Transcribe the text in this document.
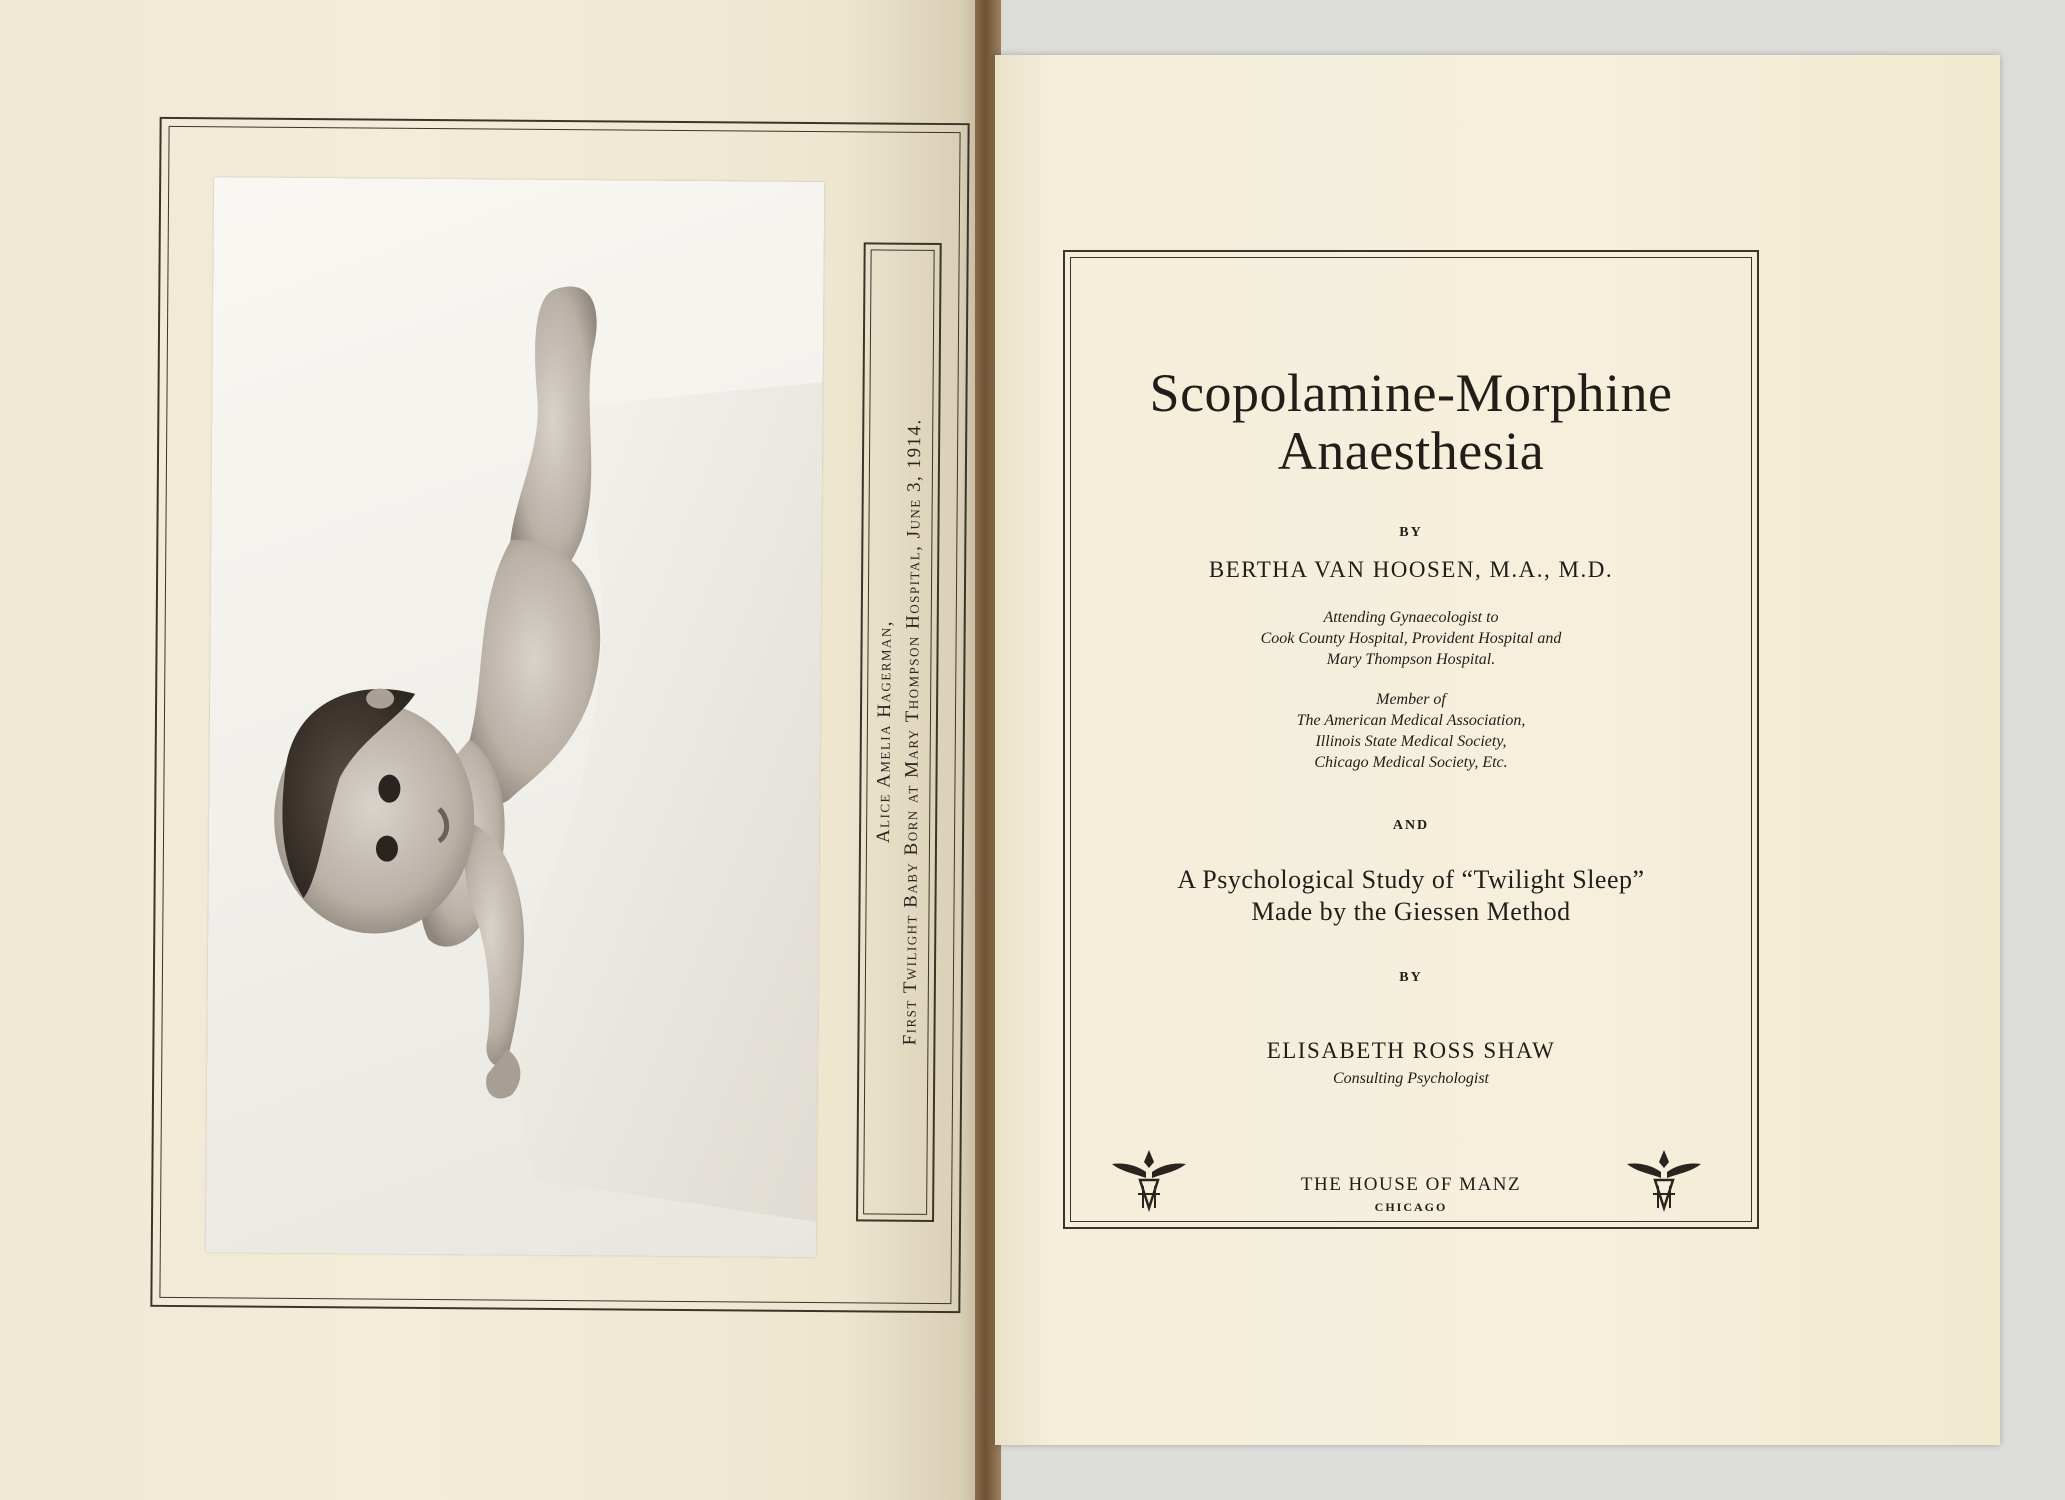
Alice Amelia Hagerman, First Twilight Baby Born at Mary Thompson Hospital, June 3, 1914.
Scopolamine-Morphine
Anaesthesia
BY
BERTHA VAN HOOSEN, M.A., M.D.
Attending Gynaecologist to
Cook County Hospital, Provident Hospital and
Mary Thompson Hospital.
Member of
The American Medical Association,
Illinois State Medical Society,
Chicago Medical Society, Etc.
AND
A Psychological Study of “Twilight Sleep”
Made by the Giessen Method
BY
ELISABETH ROSS SHAW
Consulting Psychologist
THE HOUSE OF MANZ
CHICAGO
